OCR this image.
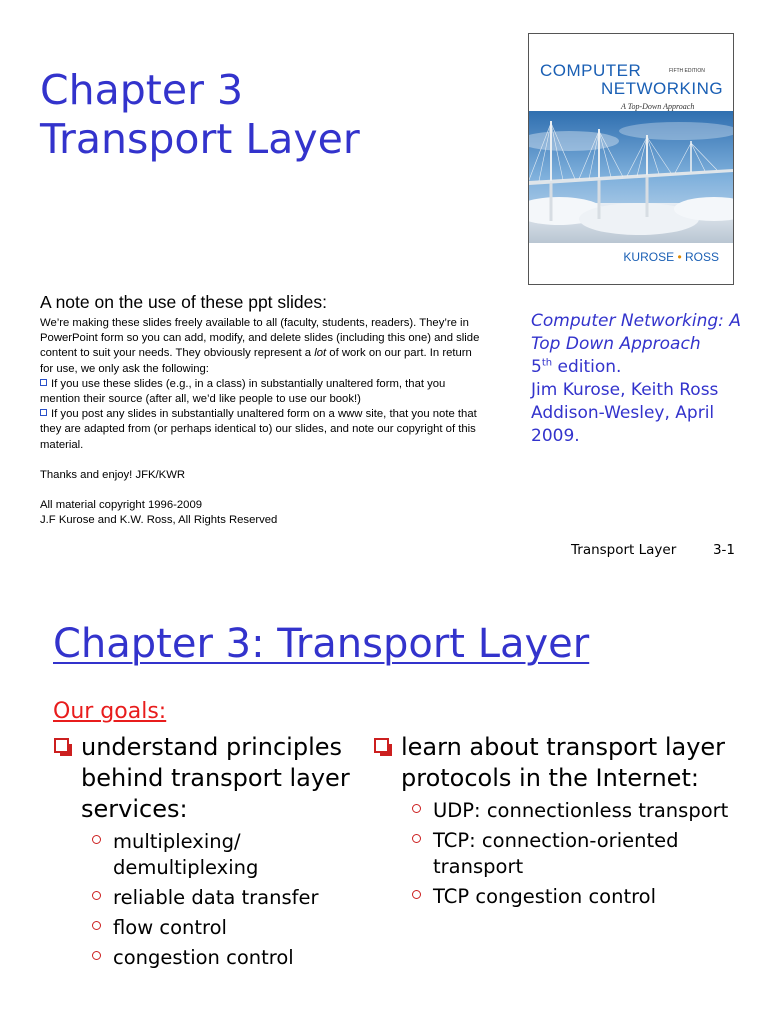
Chapter 3
Transport Layer
COMPUTER	FIFTH EDITION
NETWORKING
A Top-Down Approach
KUROSE • ROSS
A note on the use of these ppt slides:

We’re making these slides freely available to all (faculty, students, readers). They’re in PowerPoint form so you can add, modify, and delete slides (including this one) and slide content to suit your needs. They obviously represent a lot of work on our part. In return for use, we only ask the following:

If you use these slides (e.g., in a class) in substantially unaltered form, that you mention their source (after all, we’d like people to use our book!)

If you post any slides in substantially unaltered form on a www site, that you note that they are adapted from (or perhaps identical to) our slides, and note our copyright of this material.

Thanks and enjoy! JFK/KWR

All material copyright 1996-2009

J.F Kurose and K.W. Ross, All Rights Reserved

Computer Networking: A Top Down Approach
5th edition.
Jim Kurose, Keith Ross
Addison-Wesley, April 2009.
Transport Layer	3-1
Chapter 3: Transport Layer
Our goals:
understand principles behind transport layer services:
multiplexing/ demultiplexing
reliable data transfer
flow control
congestion control
learn about transport layer protocols in the Internet:
UDP: connectionless transport
TCP: connection-oriented transport
TCP congestion control
